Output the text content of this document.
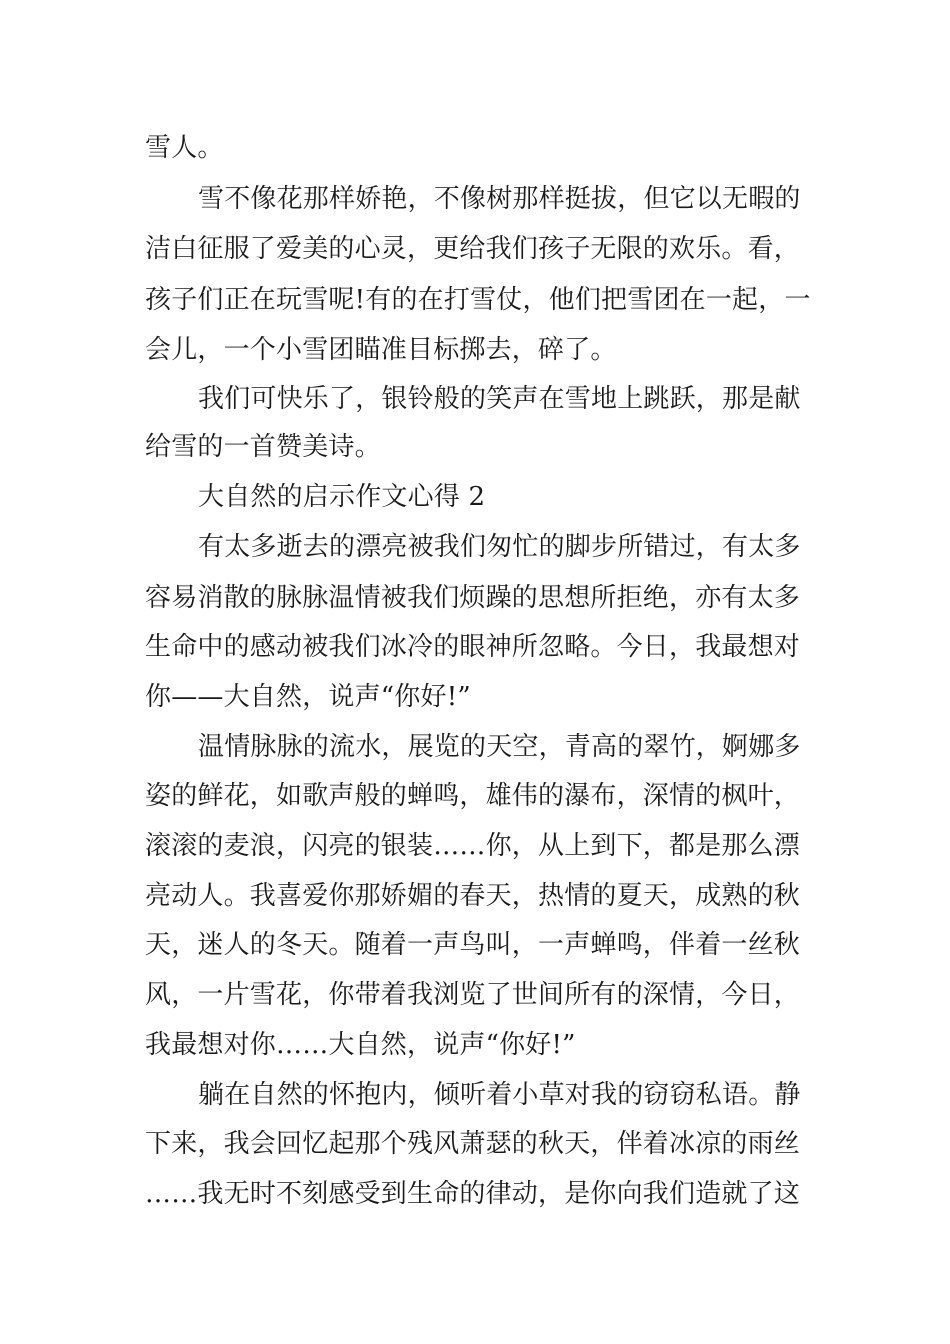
雪人。
雪不像花那样娇艳，不像树那样挺拔，但它以无暇的
洁白征服了爱美的心灵，更给我们孩子无限的欢乐。看，
孩子们正在玩雪呢!有的在打雪仗，他们把雪团在一起，一
会儿，一个小雪团瞄准目标掷去，碎了。
我们可快乐了，银铃般的笑声在雪地上跳跃，那是献
给雪的一首赞美诗。
大自然的启示作文心得 2
有太多逝去的漂亮被我们匆忙的脚步所错过，有太多
容易消散的脉脉温情被我们烦躁的思想所拒绝，亦有太多
生命中的感动被我们冰冷的眼神所忽略。今日，我最想对
你——大自然，说声“你好!”
温情脉脉的流水，展览的天空，青高的翠竹，婀娜多
姿的鲜花，如歌声般的蝉鸣，雄伟的瀑布，深情的枫叶，
滚滚的麦浪，闪亮的银装……你，从上到下，都是那么漂
亮动人。我喜爱你那娇媚的春天，热情的夏天，成熟的秋
天，迷人的冬天。随着一声鸟叫，一声蝉鸣，伴着一丝秋
风，一片雪花，你带着我浏览了世间所有的深情，今日，
我最想对你……大自然，说声“你好!”
躺在自然的怀抱内，倾听着小草对我的窃窃私语。静
下来，我会回忆起那个残风萧瑟的秋天，伴着冰凉的雨丝
……我无时不刻感受到生命的律动，是你向我们造就了这
